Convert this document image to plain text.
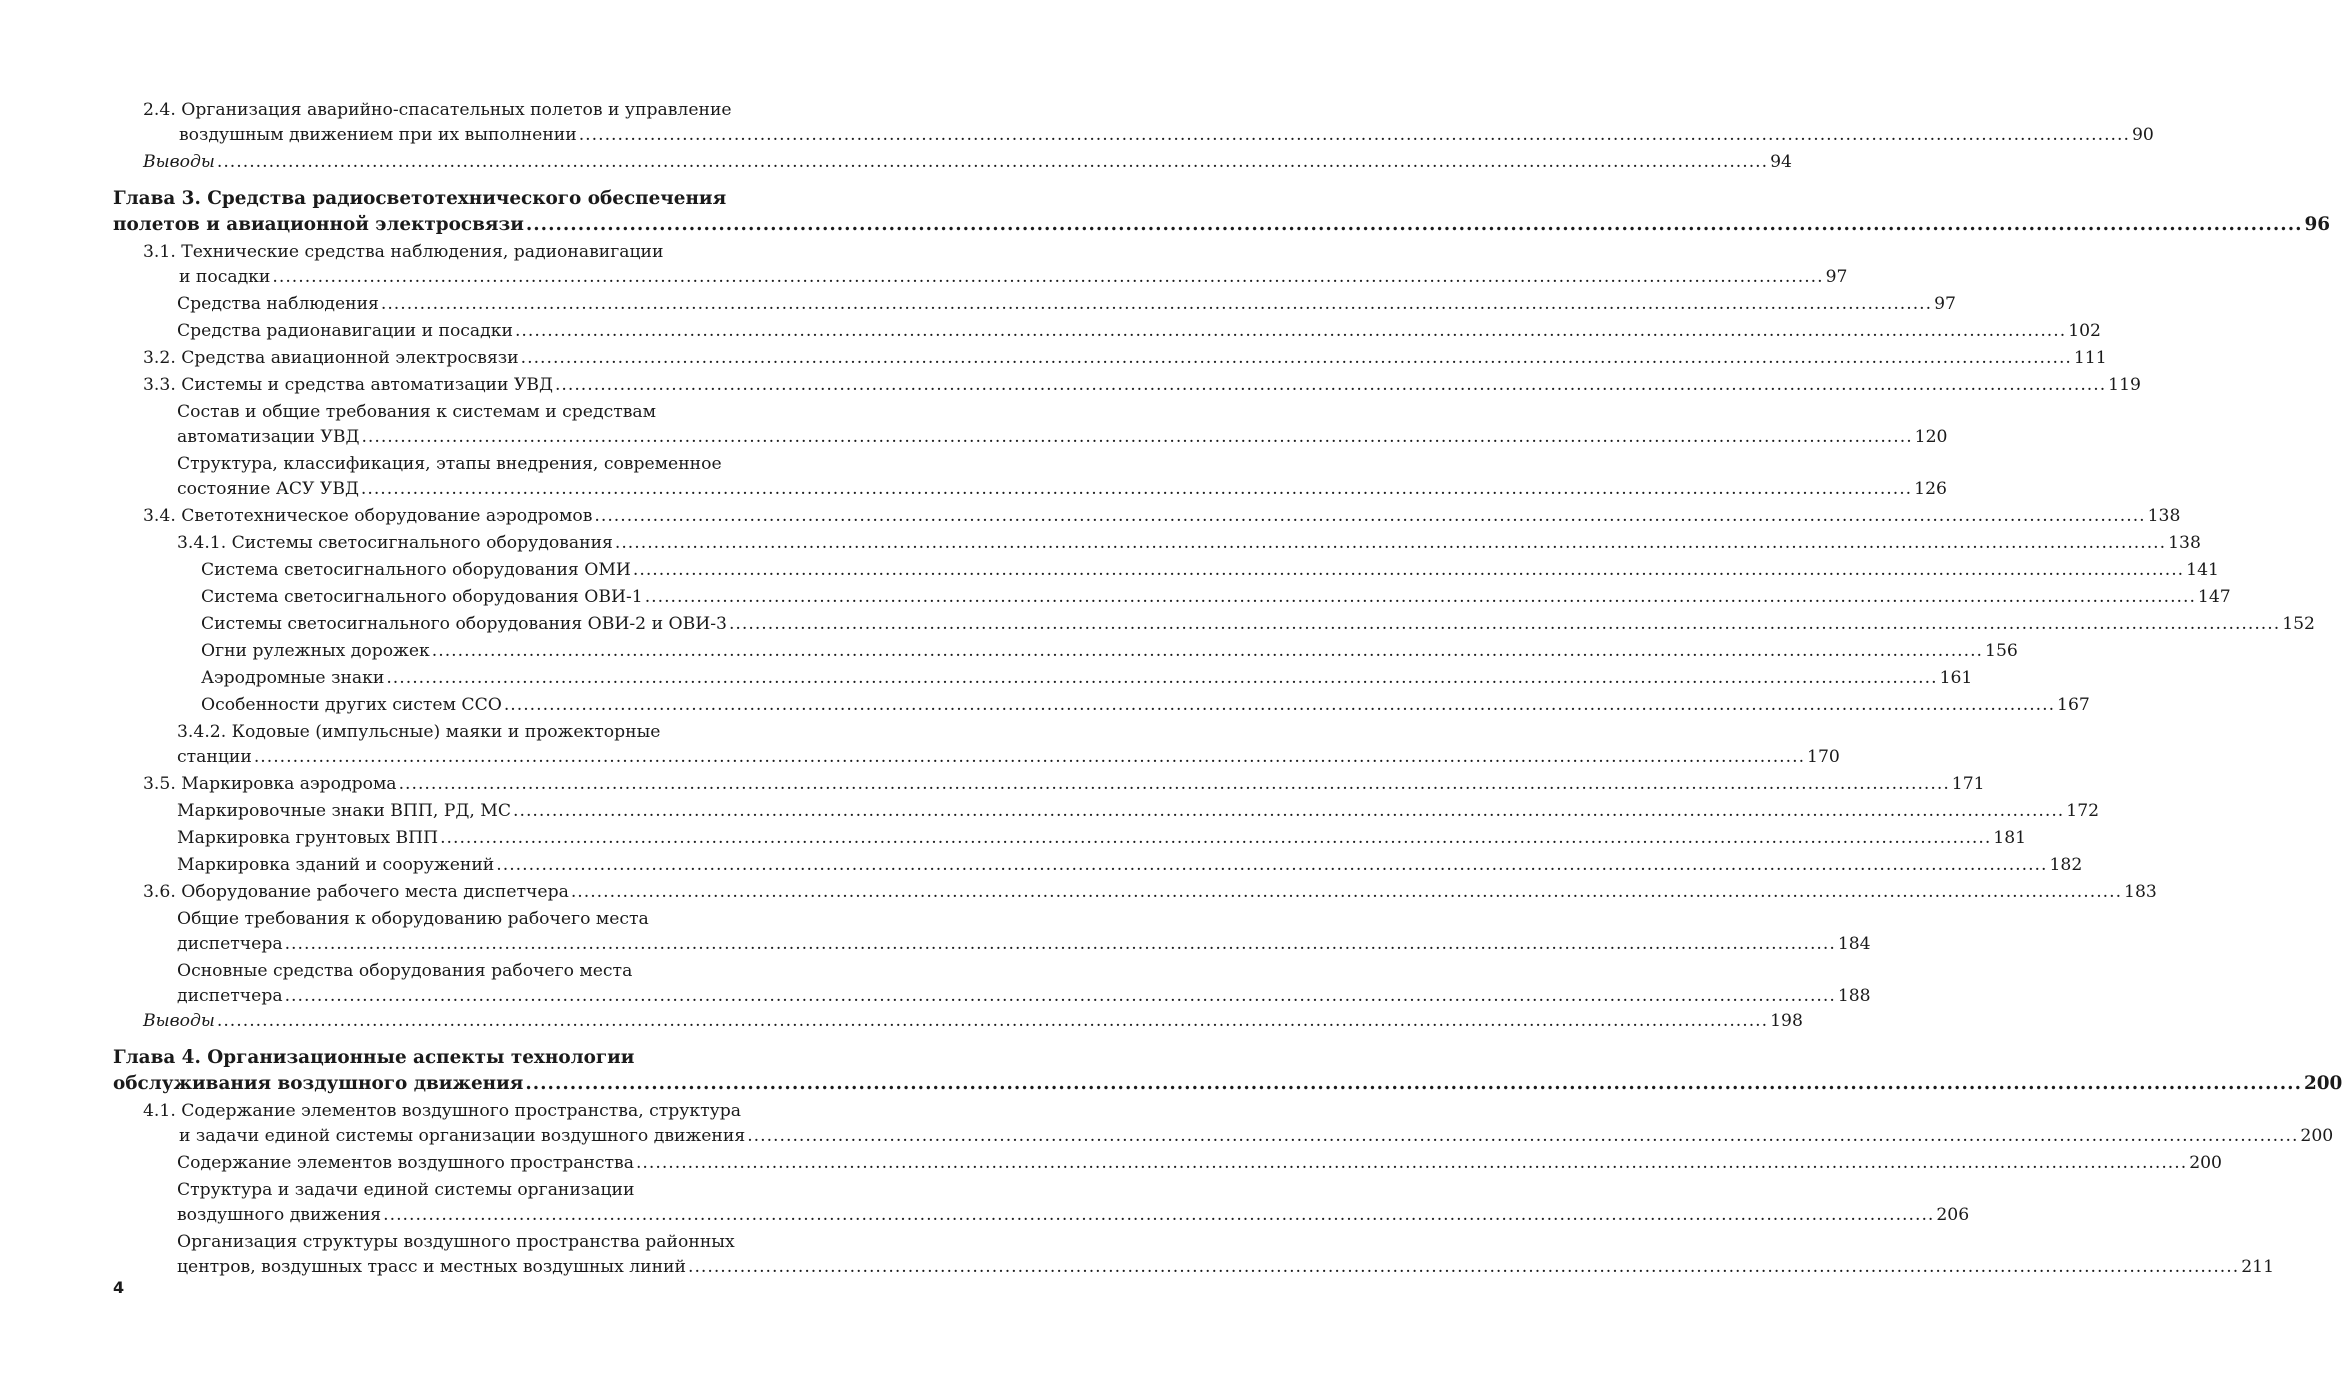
2.4. Организация аварийно-спасательных полетов и управление
воздушным движением при их выполнении .....	90
Выводы .....	94
Глава 3. Средства радиосветотехнического обеспечения
полетов и авиационной электросвязи .....	96
3.1. Технические средства наблюдения, радионавигации
и посадки .....	97
Средства наблюдения .....	97
Средства радионавигации и посадки .....	102
3.2. Средства авиационной электросвязи .....	111
3.3. Системы и средства автоматизации УВД .....	119
Состав и общие требования к системам и средствам
автоматизации УВД .....	120
Структура, классификация, этапы внедрения, современное
состояние АСУ УВД .....	126
3.4. Светотехническое оборудование аэродромов .....	138
3.4.1. Системы светосигнального оборудования .....	138
Система светосигнального оборудования ОМИ .....	141
Система светосигнального оборудования ОВИ-1 .....	147
Системы светосигнального оборудования ОВИ-2 и ОВИ-3 .....	152
Огни рулежных дорожек .....	156
Аэродромные знаки .....	161
Особенности других систем ССО .....	167
3.4.2. Кодовые (импульсные) маяки и прожекторные
станции .....	170
3.5. Маркировка аэродрома .....	171
Маркировочные знаки ВПП, РД, МС .....	172
Маркировка грунтовых ВПП .....	181
Маркировка зданий и сооружений .....	182
3.6. Оборудование рабочего места диспетчера .....	183
Общие требования к оборудованию рабочего места
диспетчера .....	184
Основные средства оборудования рабочего места
диспетчера .....	188
Выводы .....	198
Глава 4. Организационные аспекты технологии
обслуживания воздушного движения .....	200
4.1. Содержание элементов воздушного пространства, структура
и задачи единой системы организации воздушного движения .....	200
Содержание элементов воздушного пространства .....	200
Структура и задачи единой системы организации
воздушного движения .....	206
Организация структуры воздушного пространства районных
центров, воздушных трасс и местных воздушных линий .....	211
4
